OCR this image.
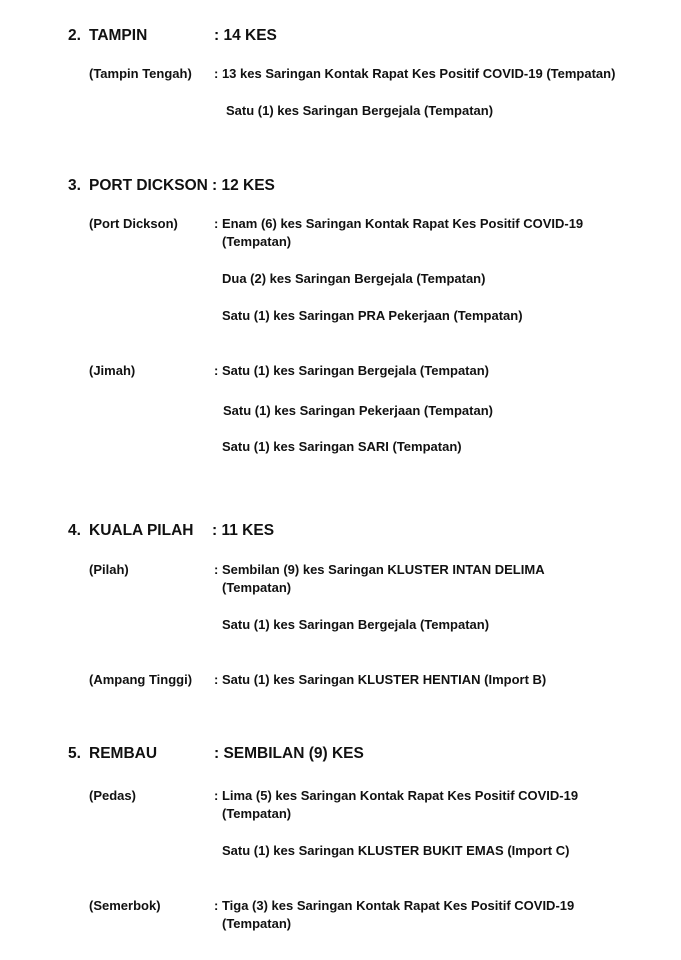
2. TAMPIN	: 14 KES
(Tampin Tengah) : 13 kes Saringan Kontak Rapat Kes Positif COVID-19 (Tempatan)
Satu (1) kes Saringan Bergejala (Tempatan)
3. PORT DICKSON : 12 KES
(Port Dickson)	: Enam (6) kes Saringan Kontak Rapat Kes Positif COVID-19
(Tempatan)
Dua (2) kes Saringan Bergejala (Tempatan)
Satu (1) kes Saringan PRA Pekerjaan (Tempatan)
(Jimah)	: Satu (1) kes Saringan Bergejala (Tempatan)
Satu (1) kes Saringan Pekerjaan (Tempatan)
Satu (1) kes Saringan SARI (Tempatan)
4. KUALA PILAH : 11 KES
(Pilah)	: Sembilan (9) kes Saringan KLUSTER INTAN DELIMA
(Tempatan)
Satu (1) kes Saringan Bergejala (Tempatan)
(Ampang Tinggi) : Satu (1) kes Saringan KLUSTER HENTIAN (Import B)
5. REMBAU	: SEMBILAN (9) KES
(Pedas)	: Lima (5) kes Saringan Kontak Rapat Kes Positif COVID-19
(Tempatan)
Satu (1) kes Saringan KLUSTER BUKIT EMAS (Import C)
(Semerbok)	: Tiga (3) kes Saringan Kontak Rapat Kes Positif COVID-19
(Tempatan)
